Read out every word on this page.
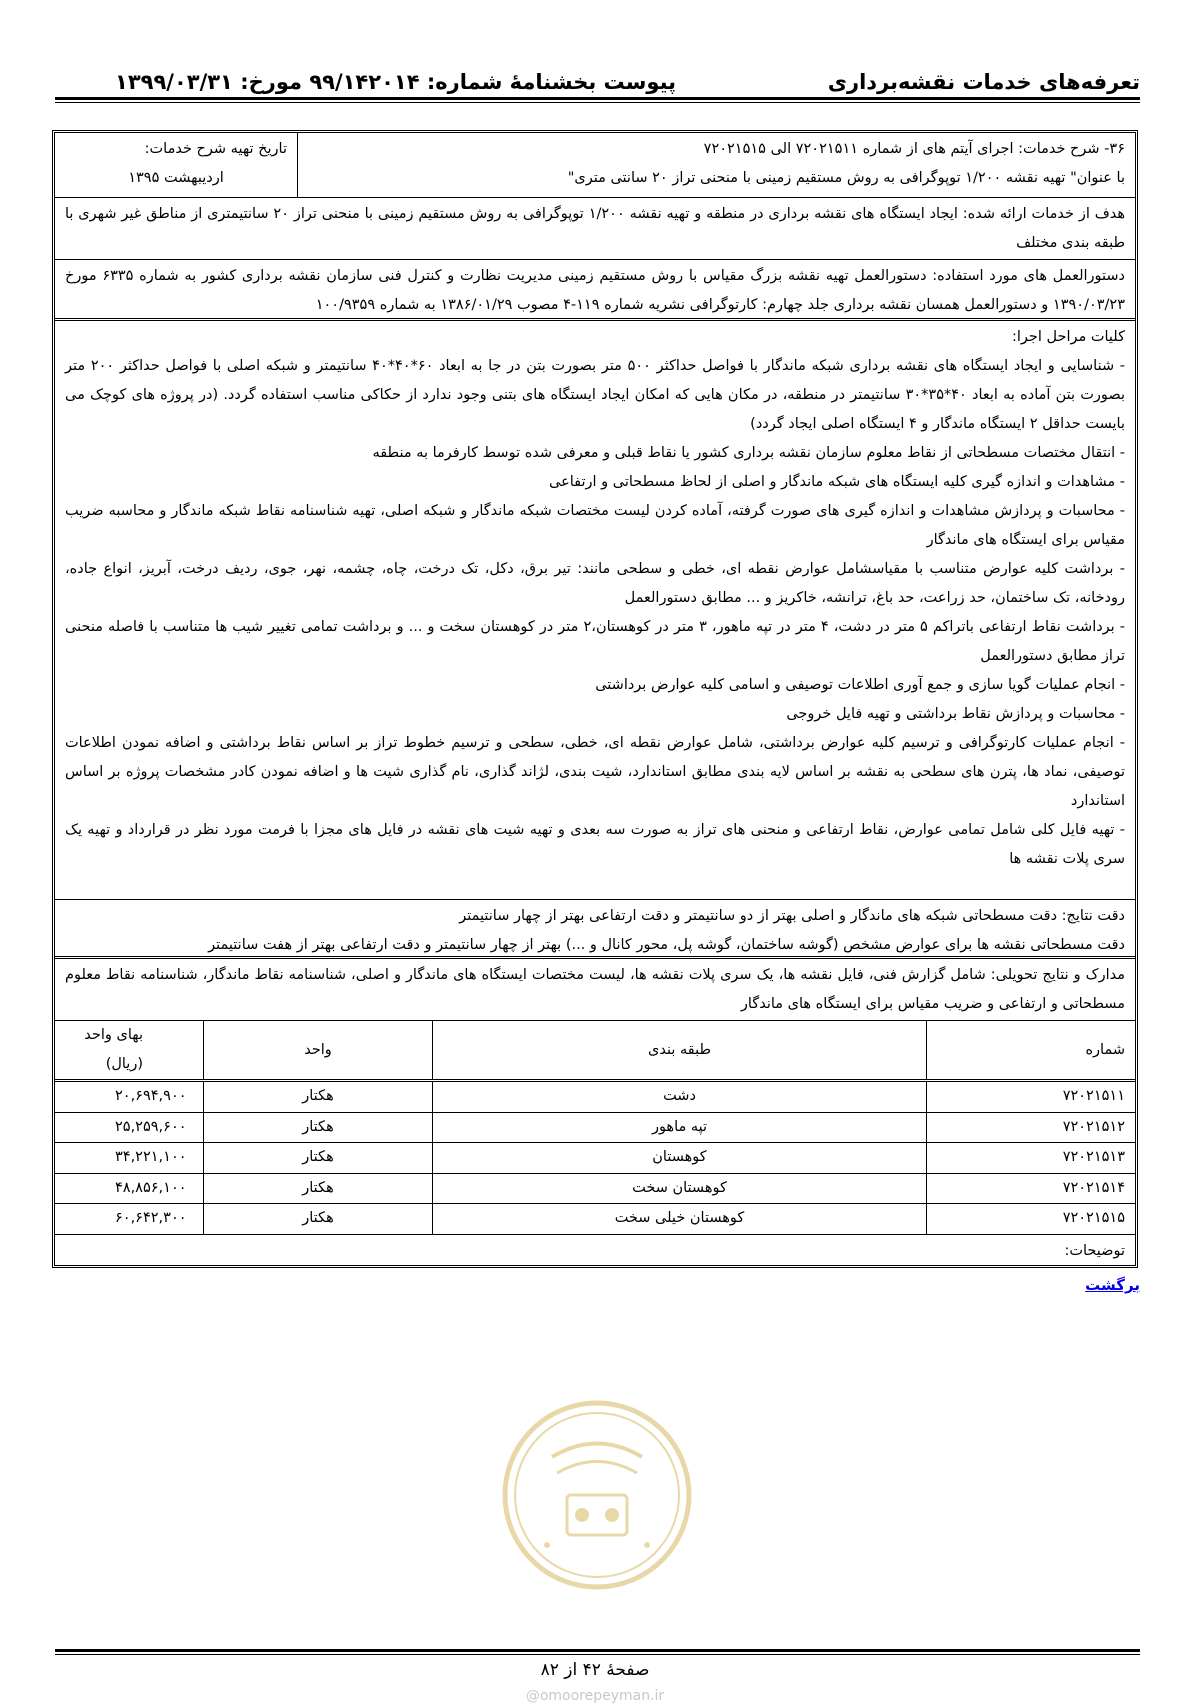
تعرفه‌های خدمات نقشه‌برداری
پیوست بخشنامۀ شماره: ۹۹/۱۴۲۰۱۴ مورخ: ۱۳۹۹/۰۳/۳۱
۳۶- شرح خدمات: اجرای آیتم های از شماره ۷۲۰۲۱۵۱۱ الی ۷۲۰۲۱۵۱۵
با عنوان" تهیه نقشه ۱/۲۰۰ توپوگرافی به روش مستقیم زمینی با منحنی تراز ۲۰ سانتی متری"
تاریخ تهیه شرح خدمات:
اردیبهشت ۱۳۹۵
هدف از خدمات ارائه شده: ایجاد ایستگاه های نقشه برداری در منطقه و تهیه نقشه ۱/۲۰۰ توپوگرافی به روش مستقیم زمینی با منحنی تراز ۲۰ سانتیمتری از مناطق غیر شهری با طبقه بندی مختلف
دستورالعمل های مورد استفاده: دستورالعمل تهیه نقشه بزرگ مقیاس با روش مستقیم زمینی مدیریت نظارت و کنترل فنی سازمان نقشه برداری کشور به شماره ۶۳۳۵ مورخ ۱۳۹۰/۰۳/۲۳ و دستورالعمل همسان نقشه برداری جلد چهارم: کارتوگرافی نشریه شماره ۱۱۹-۴ مصوب ۱۳۸۶/۰۱/۲۹ به شماره ۱۰۰/۹۳۵۹
کلیات مراحل اجرا:
- شناسایی و ایجاد ایستگاه های نقشه برداری شبکه ماندگار با فواصل حداکثر ۵۰۰ متر بصورت بتن در جا به ابعاد ۶۰*۴۰*۴۰ سانتیمتر و شبکه اصلی با فواصل حداکثر ۲۰۰ متر بصورت بتن آماده به ابعاد ۴۰*۳۵*۳۰ سانتیمتر در منطقه، در مکان هایی که امکان ایجاد ایستگاه های بتنی وجود ندارد از حکاکی مناسب استفاده گردد. (در پروژه های کوچک می بایست حداقل ۲ ایستگاه ماندگار و ۴ ایستگاه اصلی ایجاد گردد)
- انتقال مختصات مسطحاتی از نقاط معلوم سازمان نقشه برداری کشور یا نقاط قبلی و معرفی شده توسط کارفرما به منطقه
- مشاهدات و اندازه گیری کلیه ایستگاه های شبکه ماندگار و اصلی از لحاظ مسطحاتی و ارتفاعی
- محاسبات و پردازش مشاهدات و اندازه گیری های صورت گرفته، آماده کردن لیست مختصات شبکه ماندگار و شبکه اصلی، تهیه شناسنامه نقاط شبکه ماندگار و محاسبه ضریب مقیاس برای ایستگاه های ماندگار
- برداشت کلیه عوارض متناسب با مقیاسشامل عوارض نقطه ای، خطی و سطحی مانند: تیر برق، دکل، تک درخت، چاه، چشمه، نهر، جوی، ردیف درخت، آبریز، انواع جاده، رودخانه، تک ساختمان، حد زراعت، حد باغ، ترانشه، خاکریز و ... مطابق دستورالعمل
- برداشت نقاط ارتفاعی باتراکم ۵ متر در دشت، ۴ متر در تپه ماهور، ۳ متر در کوهستان،۲ متر در کوهستان سخت و ... و برداشت تمامی تغییر شیب ها متناسب با فاصله منحنی تراز مطابق دستورالعمل
- انجام عملیات گویا سازی و جمع آوری اطلاعات توصیفی و اسامی کلیه عوارض برداشتی
- محاسبات و پردازش نقاط برداشتی و تهیه فایل خروجی
- انجام عملیات کارتوگرافی و ترسیم کلیه عوارض برداشتی، شامل عوارض نقطه ای، خطی، سطحی و ترسیم خطوط تراز بر اساس نقاط برداشتی و اضافه نمودن اطلاعات توصیفی، نماد ها، پترن های سطحی به نقشه بر اساس لایه بندی مطابق استاندارد، شیت بندی، لژاند گذاری، نام گذاری شیت ها و اضافه نمودن کادر مشخصات پروژه بر اساس استاندارد
- تهیه فایل کلی شامل تمامی عوارض، نقاط ارتفاعی و منحنی های تراز به صورت سه بعدی و تهیه شیت های نقشه در فایل های مجزا با فرمت مورد نظر در قرارداد و تهیه یک سری پلات نقشه ها
دقت نتایج: دقت مسطحاتی شبکه های ماندگار و اصلی بهتر از دو سانتیمتر و دقت ارتفاعی بهتر از چهار سانتیمتر
دقت مسطحاتی نقشه ها برای عوارض مشخص (گوشه ساختمان، گوشه پل، محور کانال و ...) بهتر از چهار سانتیمتر و دقت ارتفاعی بهتر از هفت سانتیمتر
مدارک و نتایج تحویلی: شامل گزارش فنی، فایل نقشه ها، یک سری پلات نقشه ها، لیست مختصات ایستگاه های ماندگار و اصلی، شناسنامه نقاط ماندگار، شناسنامه نقاط معلوم مسطحاتی و ارتفاعی و ضریب مقیاس برای ایستگاه های ماندگار
شماره	طبقه بندی	واحد	بهای واحد (ریال)
۷۲۰۲۱۵۱۱	دشت	هکتار	۲۰,۶۹۴,۹۰۰
۷۲۰۲۱۵۱۲	تپه ماهور	هکتار	۲۵,۲۵۹,۶۰۰
۷۲۰۲۱۵۱۳	کوهستان	هکتار	۳۴,۲۲۱,۱۰۰
۷۲۰۲۱۵۱۴	کوهستان سخت	هکتار	۴۸,۸۵۶,۱۰۰
۷۲۰۲۱۵۱۵	کوهستان خیلی سخت	هکتار	۶۰,۶۴۲,۳۰۰
توضیحات:
برگشت
صفحۀ ۴۲ از ۸۲
@omoorepeyman.ir
